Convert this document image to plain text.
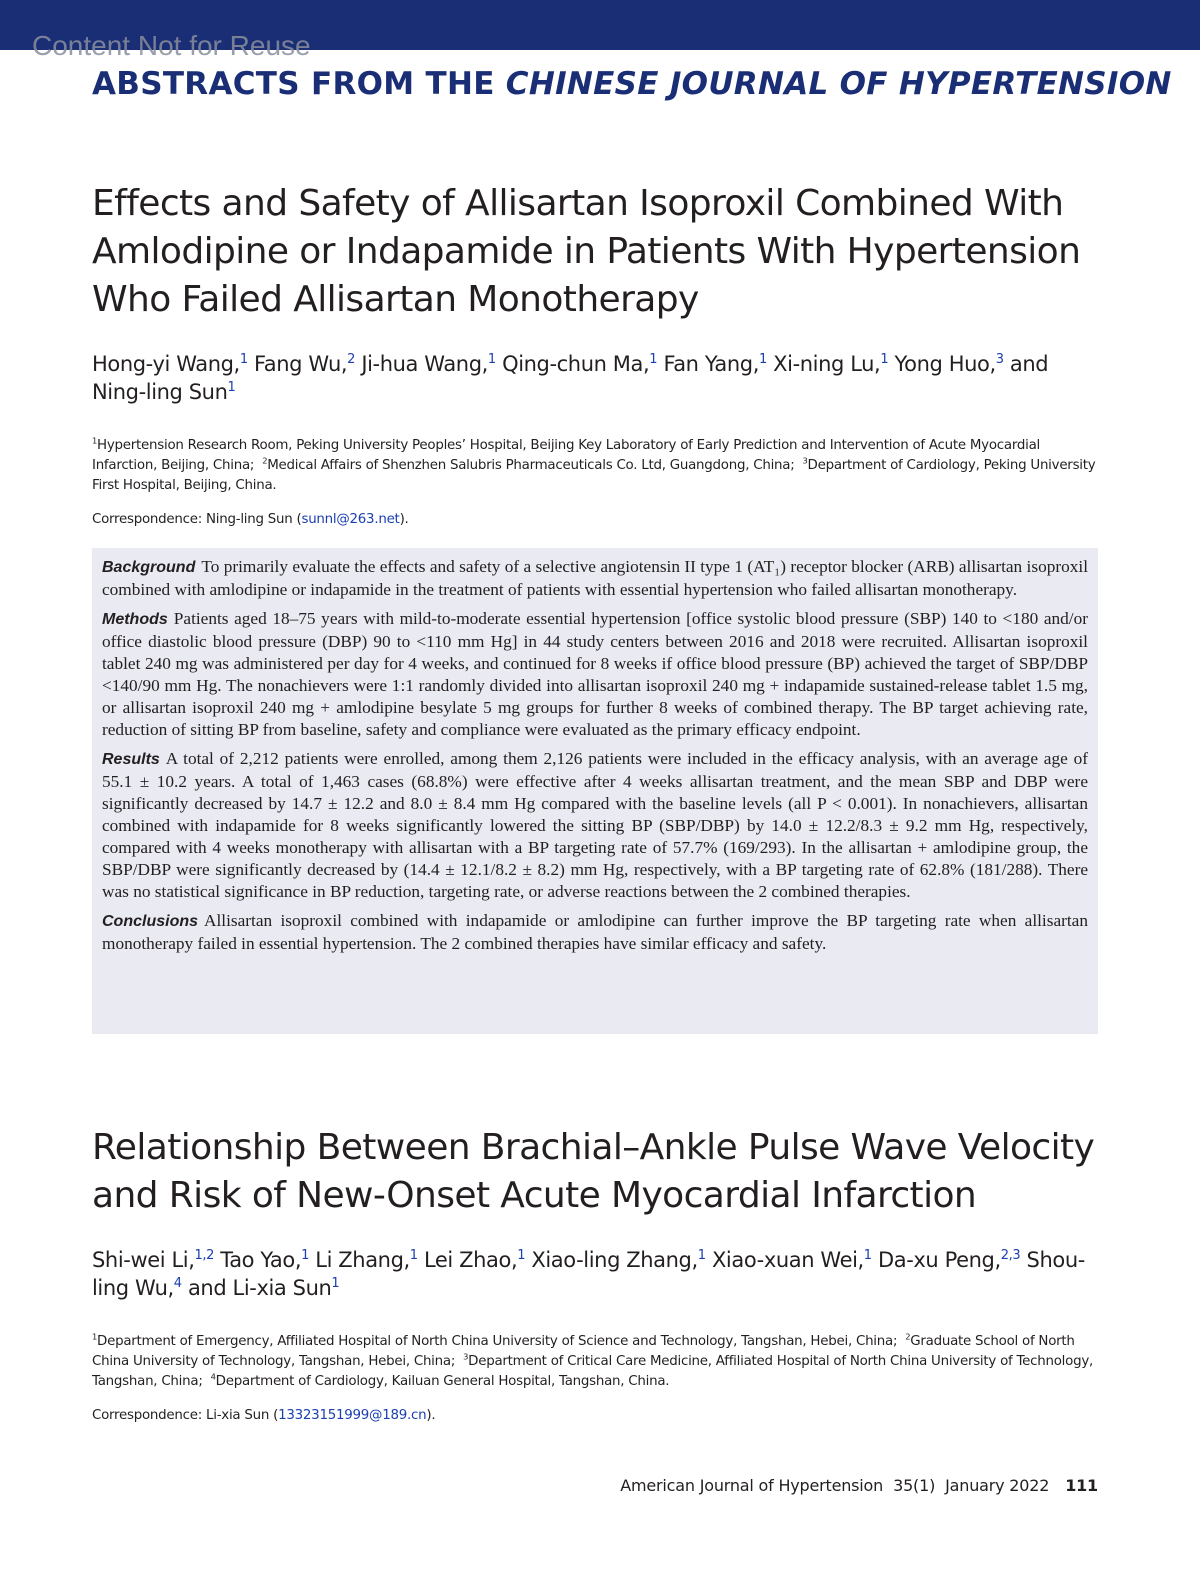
Content Not for Reuse
ABSTRACTS FROM THE CHINESE JOURNAL OF HYPERTENSION
Effects and Safety of Allisartan Isoproxil Combined With Amlodipine or Indapamide in Patients With Hypertension Who Failed Allisartan Monotherapy
Hong-yi Wang,$^1$ Fang Wu,$^2$ Ji-hua Wang,$^1$ Qing-chun Ma,$^1$ Fan Yang,$^1$ Xi-ning Lu,$^1$ Yong Huo,$^3$ and Ning-ling Sun$^1$
$^1$Hypertension Research Room, Peking University Peoples’ Hospital, Beijing Key Laboratory of Early Prediction and Intervention of Acute Myocardial Infarction, Beijing, China; $^2$Medical Affairs of Shenzhen Salubris Pharmaceuticals Co. Ltd, Guangdong, China; $^3$Department of Cardiology, Peking University First Hospital, Beijing, China.
Correspondence: Ning-ling Sun (sunnl@263.net).

Background To primarily evaluate the effects and safety of a selective angiotensin II type 1 (AT₁) receptor blocker (ARB) allisartan isoproxil combined with amlodipine or indapamide in the treatment of patients with essential hypertension who failed allisartan monotherapy.

Methods Patients aged 18–75 years with mild-to-moderate essential hypertension [office systolic blood pressure (SBP) 140 to <180 and/or office diastolic blood pressure (DBP) 90 to <110 mm Hg] in 44 study centers between 2016 and 2018 were recruited. Allisartan isoproxil tablet 240 mg was administered per day for 4 weeks, and continued for 8 weeks if office blood pressure (BP) achieved the target of SBP/DBP <140/90 mm Hg. The nonachievers were 1:1 randomly divided into allisartan isoproxil 240 mg + indapamide sustained-release tablet 1.5 mg, or allisartan isoproxil 240 mg + amlodipine besylate 5 mg groups for further 8 weeks of combined therapy. The BP target achieving rate, reduction of sitting BP from baseline, safety and compliance were evaluated as the primary efficacy endpoint.

Results A total of 2,212 patients were enrolled, among them 2,126 patients were included in the efficacy analysis, with an average age of 55.1 ± 10.2 years. A total of 1,463 cases (68.8%) were effective after 4 weeks allisartan treatment, and the mean SBP and DBP were significantly decreased by 14.7 ± 12.2 and 8.0 ± 8.4 mm Hg compared with the baseline levels (all P < 0.001). In nonachievers, allisartan combined with indapamide for 8 weeks significantly lowered the sitting BP (SBP/DBP) by 14.0 ± 12.2/8.3 ± 9.2 mm Hg, respectively, compared with 4 weeks monotherapy with allisartan with a BP targeting rate of 57.7% (169/293). In the allisartan + amlodipine group, the SBP/DBP were significantly decreased by (14.4 ± 12.1/8.2 ± 8.2) mm Hg, respectively, with a BP targeting rate of 62.8% (181/288). There was no statistical significance in BP reduction, targeting rate, or adverse reactions between the 2 combined therapies.

Conclusions Allisartan isoproxil combined with indapamide or amlodipine can further improve the BP targeting rate when allisartan monotherapy failed in essential hypertension. The 2 combined therapies have similar efficacy and safety.

Relationship Between Brachial–Ankle Pulse Wave Velocity and Risk of New-Onset Acute Myocardial Infarction
Shi-wei Li,$^{1,2}$ Tao Yao,$^1$ Li Zhang,$^1$ Lei Zhao,$^1$ Xiao-ling Zhang,$^1$ Xiao-xuan Wei,$^1$ Da-xu Peng,$^{2,3}$ Shou-ling Wu,$^4$ and Li-xia Sun$^1$
$^1$Department of Emergency, Affiliated Hospital of North China University of Science and Technology, Tangshan, Hebei, China; $^2$Graduate School of North China University of Technology, Tangshan, Hebei, China; $^3$Department of Critical Care Medicine, Affiliated Hospital of North China University of Technology, Tangshan, China; $^4$Department of Cardiology, Kailuan General Hospital, Tangshan, China.
Correspondence: Li-xia Sun (13323151999@189.cn).
American Journal of Hypertension 35(1) January 2022 111
